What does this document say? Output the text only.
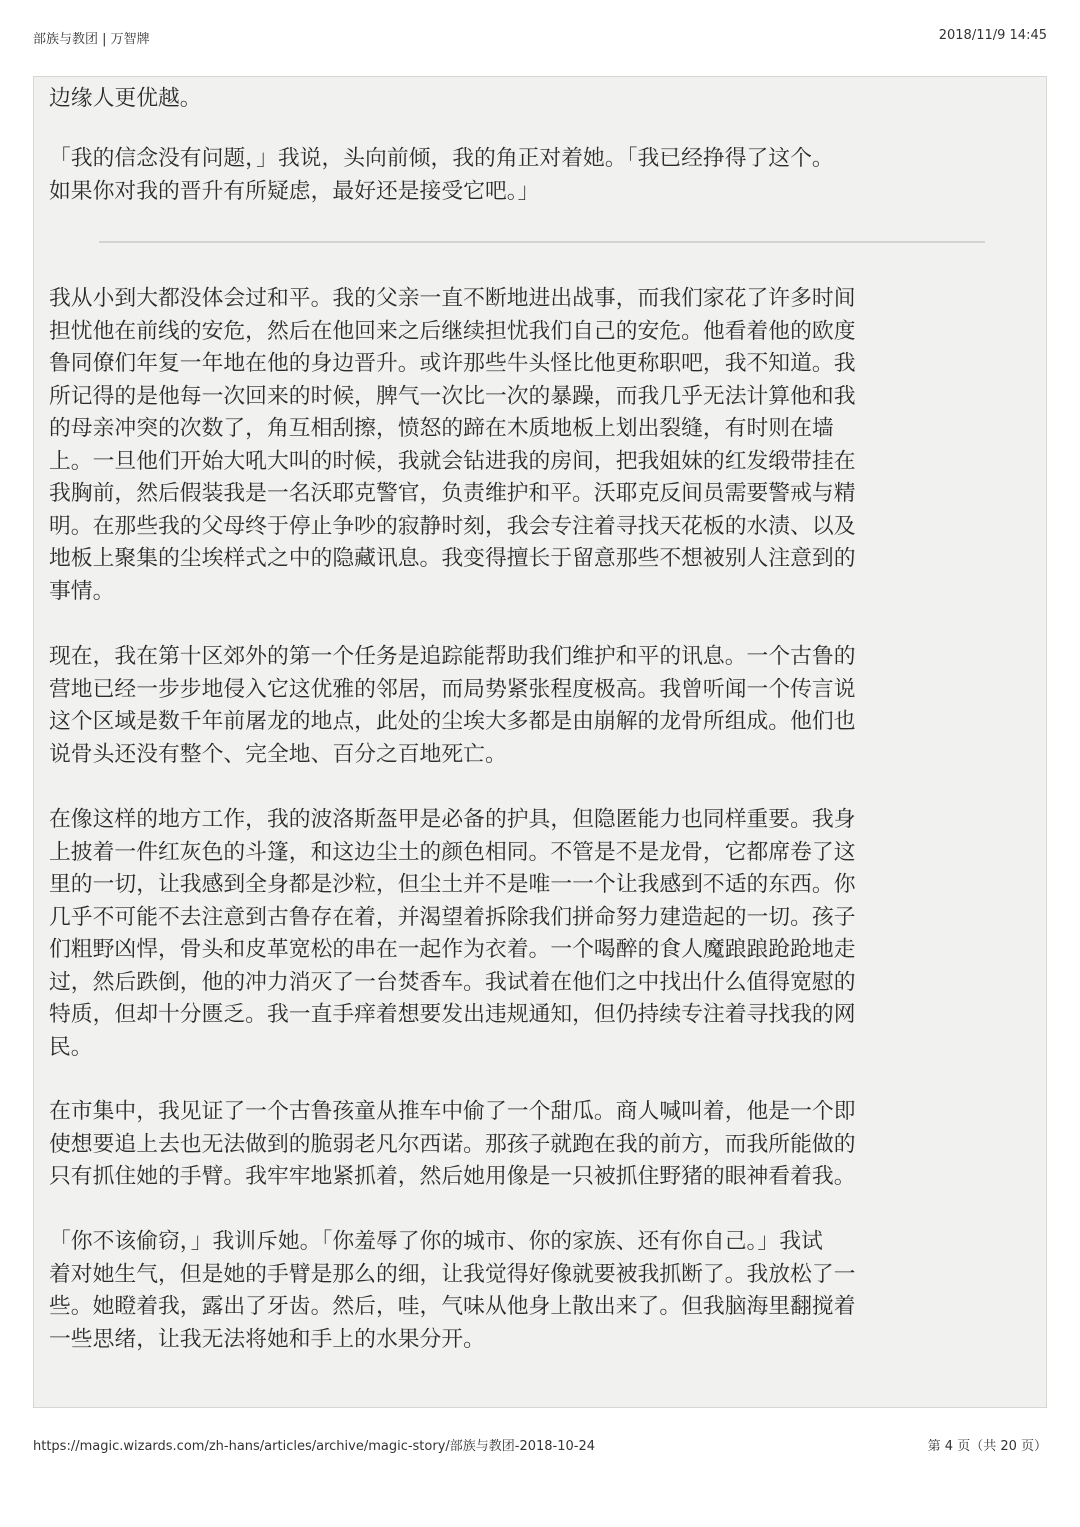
部族与教团 | 万智牌	2018/11/9 14:45

边缘人更优越。

「我的信念没有问题，」我说，头向前倾，我的角正对着她。「我已经挣得了这个。
如果你对我的晋升有所疑虑，最好还是接受它吧。」

我从小到大都没体会过和平。我的父亲一直不断地进出战事，而我们家花了许多时间
担忧他在前线的安危，然后在他回来之后继续担忧我们自己的安危。他看着他的欧度
鲁同僚们年复一年地在他的身边晋升。或许那些牛头怪比他更称职吧，我不知道。我
所记得的是他每一次回来的时候，脾气一次比一次的暴躁，而我几乎无法计算他和我
的母亲冲突的次数了，角互相刮擦，愤怒的蹄在木质地板上划出裂缝，有时则在墙
上。一旦他们开始大吼大叫的时候，我就会钻进我的房间，把我姐妹的红发缎带挂在
我胸前，然后假装我是一名沃耶克警官，负责维护和平。沃耶克反间员需要警戒与精
明。在那些我的父母终于停止争吵的寂静时刻，我会专注着寻找天花板的水渍、以及
地板上聚集的尘埃样式之中的隐藏讯息。我变得擅长于留意那些不想被别人注意到的
事情。

现在，我在第十区郊外的第一个任务是追踪能帮助我们维护和平的讯息。一个古鲁的
营地已经一步步地侵入它这优雅的邻居，而局势紧张程度极高。我曾听闻一个传言说
这个区域是数千年前屠龙的地点，此处的尘埃大多都是由崩解的龙骨所组成。他们也
说骨头还没有整个、完全地、百分之百地死亡。

在像这样的地方工作，我的波洛斯盔甲是必备的护具，但隐匿能力也同样重要。我身
上披着一件红灰色的斗篷，和这边尘土的颜色相同。不管是不是龙骨，它都席卷了这
里的一切，让我感到全身都是沙粒，但尘土并不是唯一一个让我感到不适的东西。你
几乎不可能不去注意到古鲁存在着，并渴望着拆除我们拼命努力建造起的一切。孩子
们粗野凶悍，骨头和皮革宽松的串在一起作为衣着。一个喝醉的食人魔踉踉跄跄地走
过，然后跌倒，他的冲力消灭了一台焚香车。我试着在他们之中找出什么值得宽慰的
特质，但却十分匮乏。我一直手痒着想要发出违规通知，但仍持续专注着寻找我的网
民。

在市集中，我见证了一个古鲁孩童从推车中偷了一个甜瓜。商人喊叫着，他是一个即
使想要追上去也无法做到的脆弱老凡尔西诺。那孩子就跑在我的前方，而我所能做的
只有抓住她的手臂。我牢牢地紧抓着，然后她用像是一只被抓住野猪的眼神看着我。

「你不该偷窃，」我训斥她。「你羞辱了你的城市、你的家族、还有你自己。」我试
着对她生气，但是她的手臂是那么的细，让我觉得好像就要被我抓断了。我放松了一
些。她瞪着我，露出了牙齿。然后，哇，气味从他身上散出来了。但我脑海里翻搅着
一些思绪，让我无法将她和手上的水果分开。

https://magic.wizards.com/zh-hans/articles/archive/magic-story/部族与教团-2018-10-24	第 4 页（共 20 页）
